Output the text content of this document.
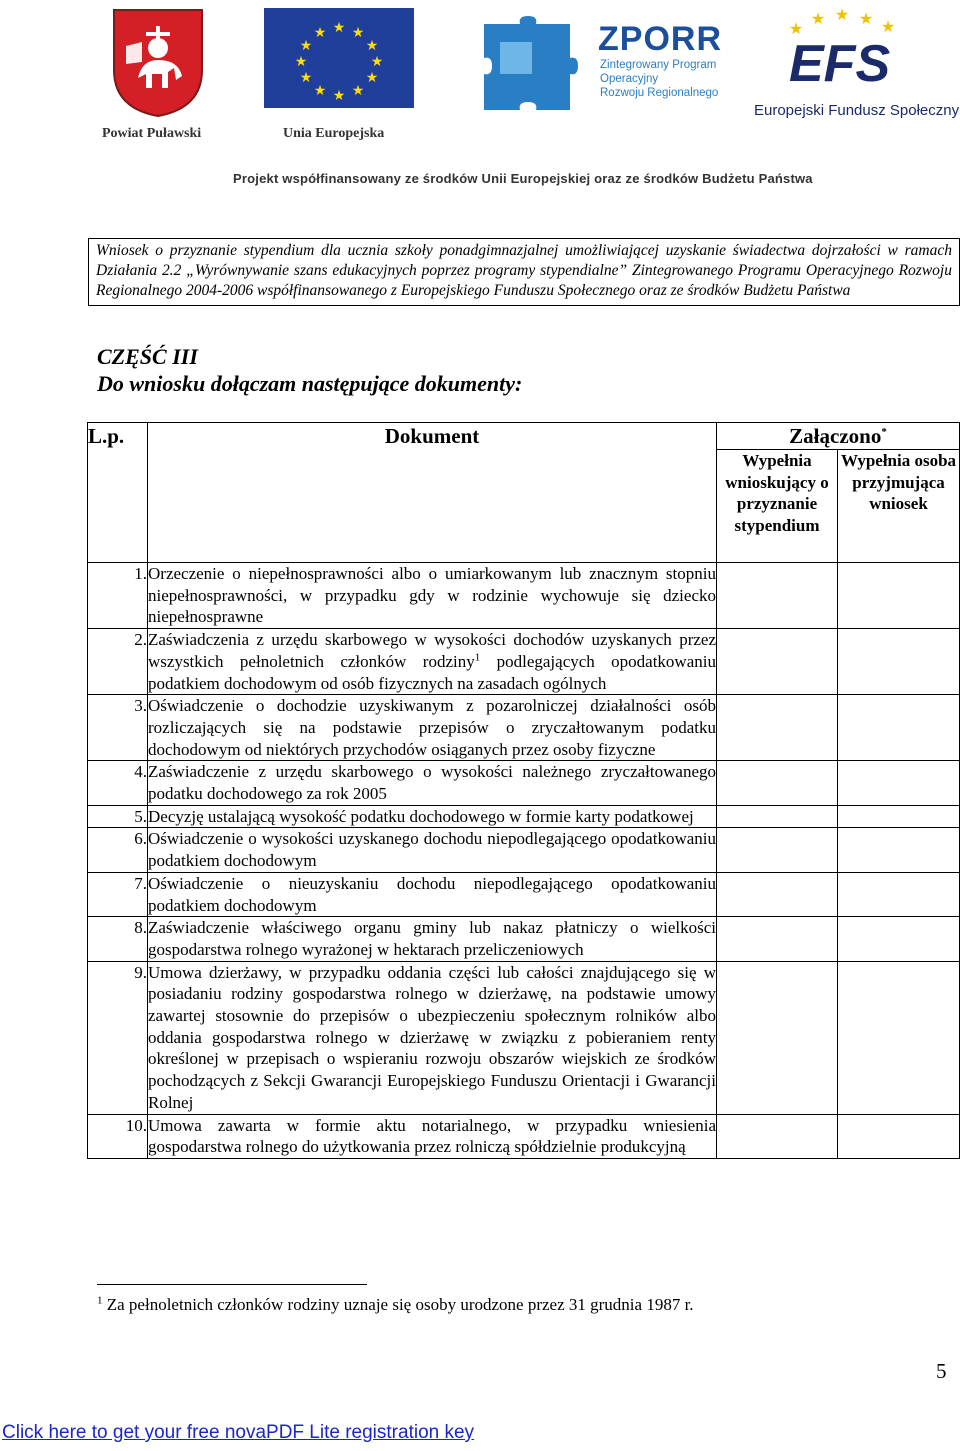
Powiat Puławski
★ ★
★
★
★
★
★
★
★
★
★
★
Unia Europejska
ZPORR
Zintegrowany Program
Operacyjny
Rozwoju Regionalnego
★
★ ★ ★ ★
EFS
Europejski Fundusz Społeczny
Projekt współfinansowany ze środków Unii Europejskiej oraz ze środków Budżetu Państwa
Wniosek o przyznanie stypendium dla ucznia szkoły ponadgimnazjalnej umożliwiającej uzyskanie świadectwa dojrzałości w ramach Działania 2.2 „Wyrównywanie szans edukacyjnych poprzez programy stypendialne” Zintegrowanego Programu Operacyjnego Rozwoju Regionalnego 2004-2006 współfinansowanego z Europejskiego Funduszu Społecznego oraz ze środków Budżetu Państwa
CZĘŚĆ III
Do wniosku dołączam następujące dokumenty:
L.p.	Dokument	Załączono*
		Wypełnia wnioskujący o przyznanie stypendium	Wypełnia osoba przyjmująca wniosek
1.	Orzeczenie o niepełnosprawności albo o umiarkowanym lub znacznym stopniu niepełnosprawności, w przypadku gdy w rodzinie wychowuje się dziecko niepełnosprawne		
2.	Zaświadczenia z urzędu skarbowego w wysokości dochodów uzyskanych przez wszystkich pełnoletnich członków rodziny$^1$ podlegających opodatkowaniu podatkiem dochodowym od osób fizycznych na zasadach ogólnych		
3.	Oświadczenie o dochodzie uzyskiwanym z pozarolniczej działalności osób rozliczających się na podstawie przepisów o zryczałtowanym podatku dochodowym od niektórych przychodów osiąganych przez osoby fizyczne		
4.	Zaświadczenie z urzędu skarbowego o wysokości należnego zryczałtowanego podatku dochodowego za rok 2005		
5.	Decyzję ustalającą wysokość podatku dochodowego w formie karty podatkowej		
6.	Oświadczenie o wysokości uzyskanego dochodu niepodlegającego opodatkowaniu podatkiem dochodowym		
7.	Oświadczenie o nieuzyskaniu dochodu niepodlegającego opodatkowaniu podatkiem dochodowym		
8.	Zaświadczenie właściwego organu gminy lub nakaz płatniczy o wielkości gospodarstwa rolnego wyrażonej w hektarach przeliczeniowych		
9.	Umowa dzierżawy, w przypadku oddania części lub całości znajdującego się w posiadaniu rodziny gospodarstwa rolnego w dzierżawę, na podstawie umowy zawartej stosownie do przepisów o ubezpieczeniu społecznym rolników albo oddania gospodarstwa rolnego w dzierżawę w związku z pobieraniem renty określonej w przepisach o wspieraniu rozwoju obszarów wiejskich ze środków pochodzących z Sekcji Gwarancji Europejskiego Funduszu Orientacji i Gwarancji Rolnej		
10.	Umowa zawarta w formie aktu notarialnego, w przypadku wniesienia gospodarstwa rolnego do użytkowania przez rolniczą spółdzielnie produkcyjną		
$^1$ Za pełnoletnich członków rodziny uznaje się osoby urodzone przez 31 grudnia 1987 r.
5
Click here to get your free novaPDF Lite registration key
